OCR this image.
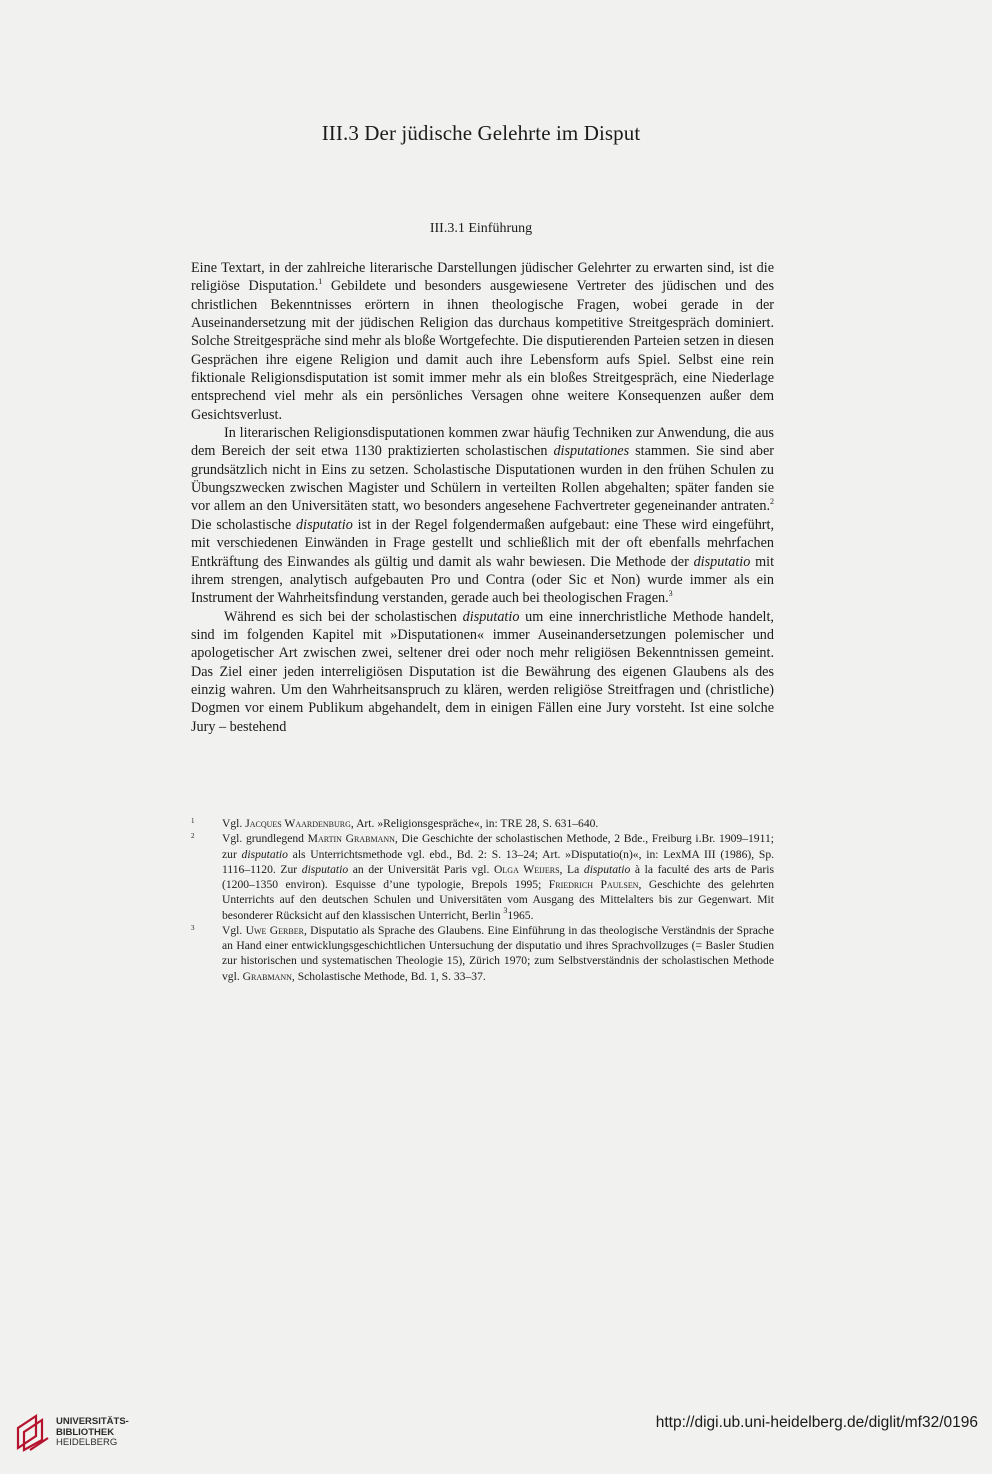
III.3 Der jüdische Gelehrte im Disput
III.3.1 Einführung

Eine Textart, in der zahlreiche literarische Darstellungen jüdischer Gelehrter zu erwarten sind, ist die religiöse Disputation.$^1$ Gebildete und besonders ausgewiesene Vertreter des jüdischen und des christlichen Bekenntnisses erörtern in ihnen theologische Fragen, wobei gerade in der Auseinandersetzung mit der jüdischen Religion das durchaus kompetitive Streitgespräch dominiert. Solche Streitgespräche sind mehr als bloße Wortgefechte. Die disputierenden Parteien setzen in diesen Gesprächen ihre eigene Religion und damit auch ihre Lebensform aufs Spiel. Selbst eine rein fiktionale Religionsdisputation ist somit immer mehr als ein bloßes Streitgespräch, eine Niederlage entsprechend viel mehr als ein persönliches Versagen ohne weitere Konsequenzen außer dem Gesichtsverlust.

In literarischen Religionsdisputationen kommen zwar häufig Techniken zur Anwendung, die aus dem Bereich der seit etwa 1130 praktizierten scholastischen disputationes stammen. Sie sind aber grundsätzlich nicht in Eins zu setzen. Scholastische Disputationen wurden in den frühen Schulen zu Übungszwecken zwischen Magister und Schülern in verteilten Rollen abgehalten; später fanden sie vor allem an den Universitäten statt, wo besonders angesehene Fachvertreter gegeneinander antraten.$^2$ Die scholastische disputatio ist in der Regel folgendermaßen aufgebaut: eine These wird eingeführt, mit verschiedenen Einwänden in Frage gestellt und schließlich mit der oft ebenfalls mehrfachen Entkräftung des Einwandes als gültig und damit als wahr bewiesen. Die Methode der disputatio mit ihrem strengen, analytisch aufgebauten Pro und Contra (oder Sic et Non) wurde immer als ein Instrument der Wahrheitsfindung verstanden, gerade auch bei theologischen Fragen.$^3$

Während es sich bei der scholastischen disputatio um eine innerchristliche Methode handelt, sind im folgenden Kapitel mit »Disputationen« immer Auseinandersetzungen polemischer und apologetischer Art zwischen zwei, seltener drei oder noch mehr religiösen Bekenntnissen gemeint. Das Ziel einer jeden interreligiösen Disputation ist die Bewährung des eigenen Glaubens als des einzig wahren. Um den Wahrheitsanspruch zu klären, werden religiöse Streitfragen und (christliche) Dogmen vor einem Publikum abgehandelt, dem in einigen Fällen eine Jury vorsteht. Ist eine solche Jury – bestehend

1 Vgl. Jacques Waardenburg, Art. »Religionsgespräche«, in: TRE 28, S. 631–640.
2 Vgl. grundlegend Martin Grabmann, Die Geschichte der scholastischen Methode, 2 Bde., Freiburg i.Br. 1909–1911; zur disputatio als Unterrichtsmethode vgl. ebd., Bd. 2: S. 13–24; Art. »Disputatio(n)«, in: LexMA III (1986), Sp. 1116–1120. Zur disputatio an der Universität Paris vgl. Olga Weijers, La disputatio à la faculté des arts de Paris (1200–1350 environ). Esquisse d’une typologie, Brepols 1995; Friedrich Paulsen, Geschichte des gelehrten Unterrichts auf den deutschen Schulen und Universitäten vom Ausgang des Mittelalters bis zur Gegenwart. Mit besonderer Rücksicht auf den klassischen Unterricht, Berlin $^3$1965.
3 Vgl. Uwe Gerber, Disputatio als Sprache des Glaubens. Eine Einführung in das theologische Verständnis der Sprache an Hand einer entwicklungsgeschichtlichen Untersuchung der disputatio und ihres Sprachvollzuges (= Basler Studien zur historischen und systematischen Theologie 15), Zürich 1970; zum Selbstverständnis der scholastischen Methode vgl. Grabmann, Scholastische Methode, Bd. 1, S. 33–37.
UNIVERSITÄTS-
BIBLIOTHEK
HEIDELBERG
http://digi.ub.uni-heidelberg.de/diglit/mf32/0196
